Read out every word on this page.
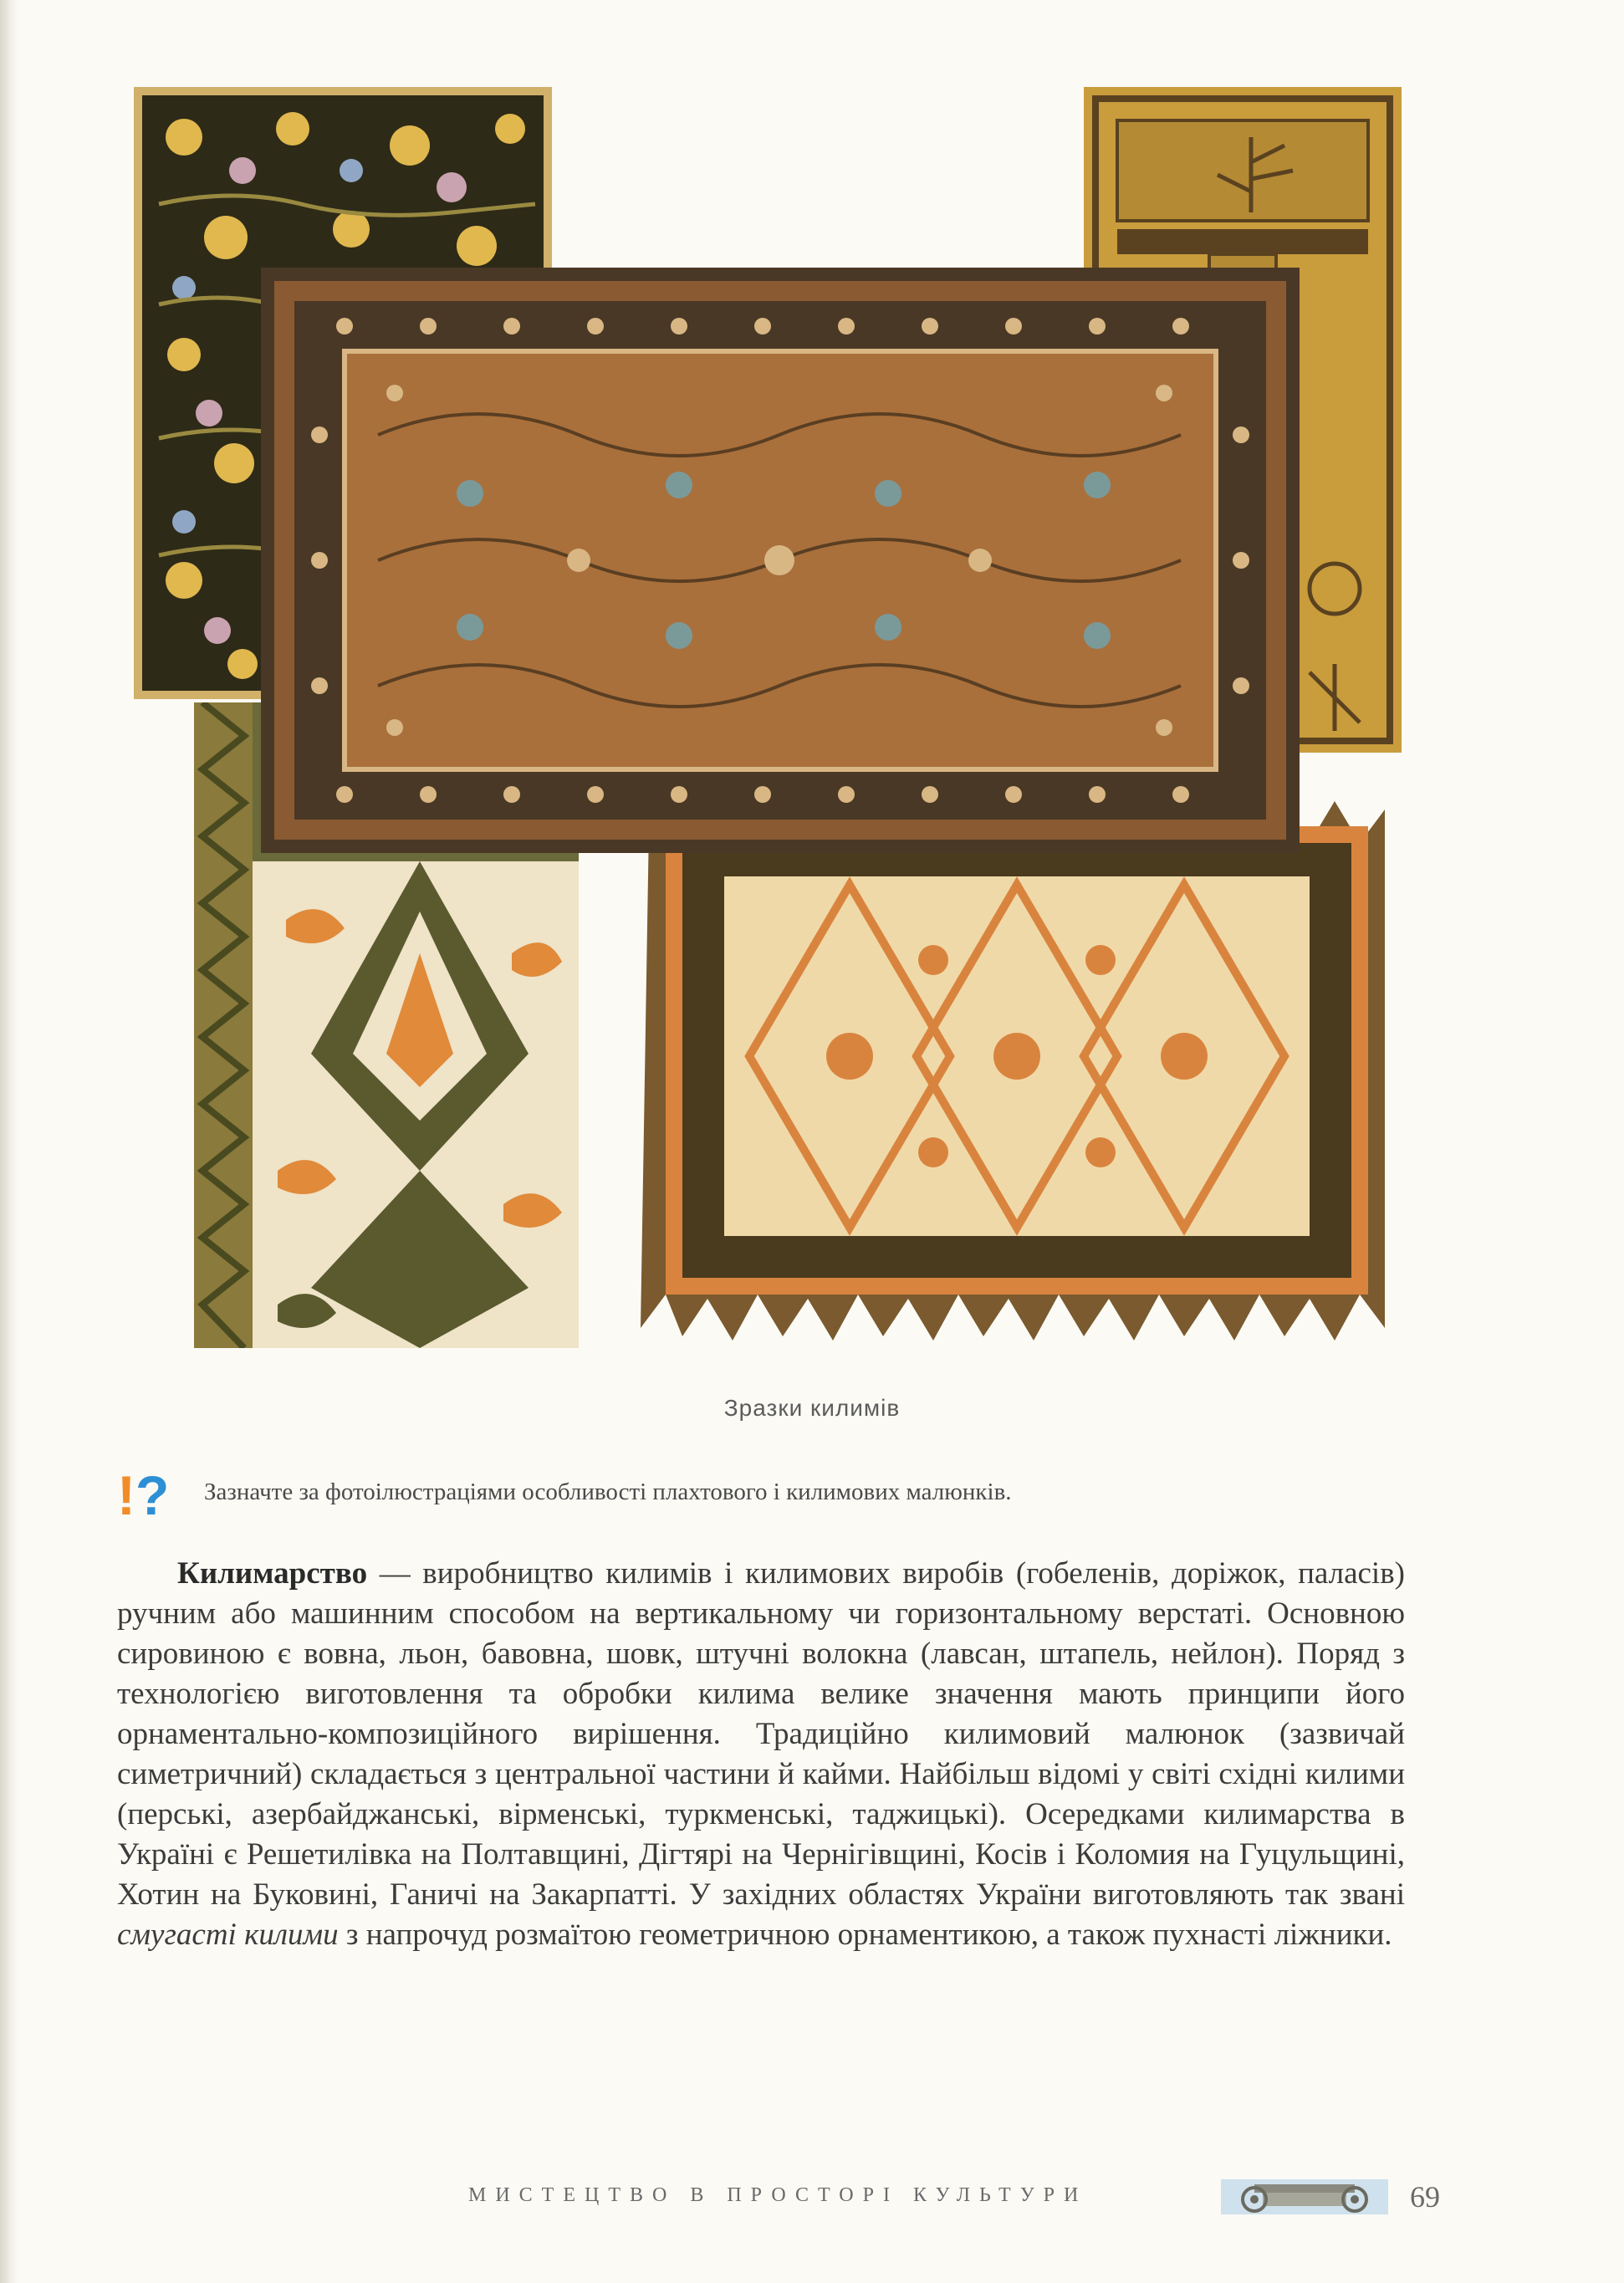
Зразки килимів
!? Зазначте за фотоілюстраціями особливості плахтового і килимових малюнків.

Килимарство — виробництво килимів і килимових виробів (гобеленів, доріжок, паласів) ручним або машинним способом на вертикальному чи горизонтальному верстаті. Основною сировиною є вовна, льон, бавовна, шовк, штучні волокна (лавсан, штапель, нейлон). Поряд з технологією виготовлення та обробки килима велике значення мають принципи його орнаментально-композиційного вирішення. Традиційно килимовий малюнок (зазвичай симетричний) складається з центральної частини й кайми. Найбільш відомі у світі східні килими (перські, азербайджанські, вірменські, туркменські, таджицькі). Осередками килимарства в Україні є Решетилівка на Полтавщині, Дігтярі на Чернігівщині, Косів і Коломия на Гуцульщині, Хотин на Буковині, Ганичі на Закарпатті. У західних областях України виготовляють так звані смугасті килими з напрочуд розмаїтою геометричною орнаментикою, а також пухнасті ліжники.

МИСТЕЦТВО В ПРОСТОРІ КУЛЬТУРИ	69
